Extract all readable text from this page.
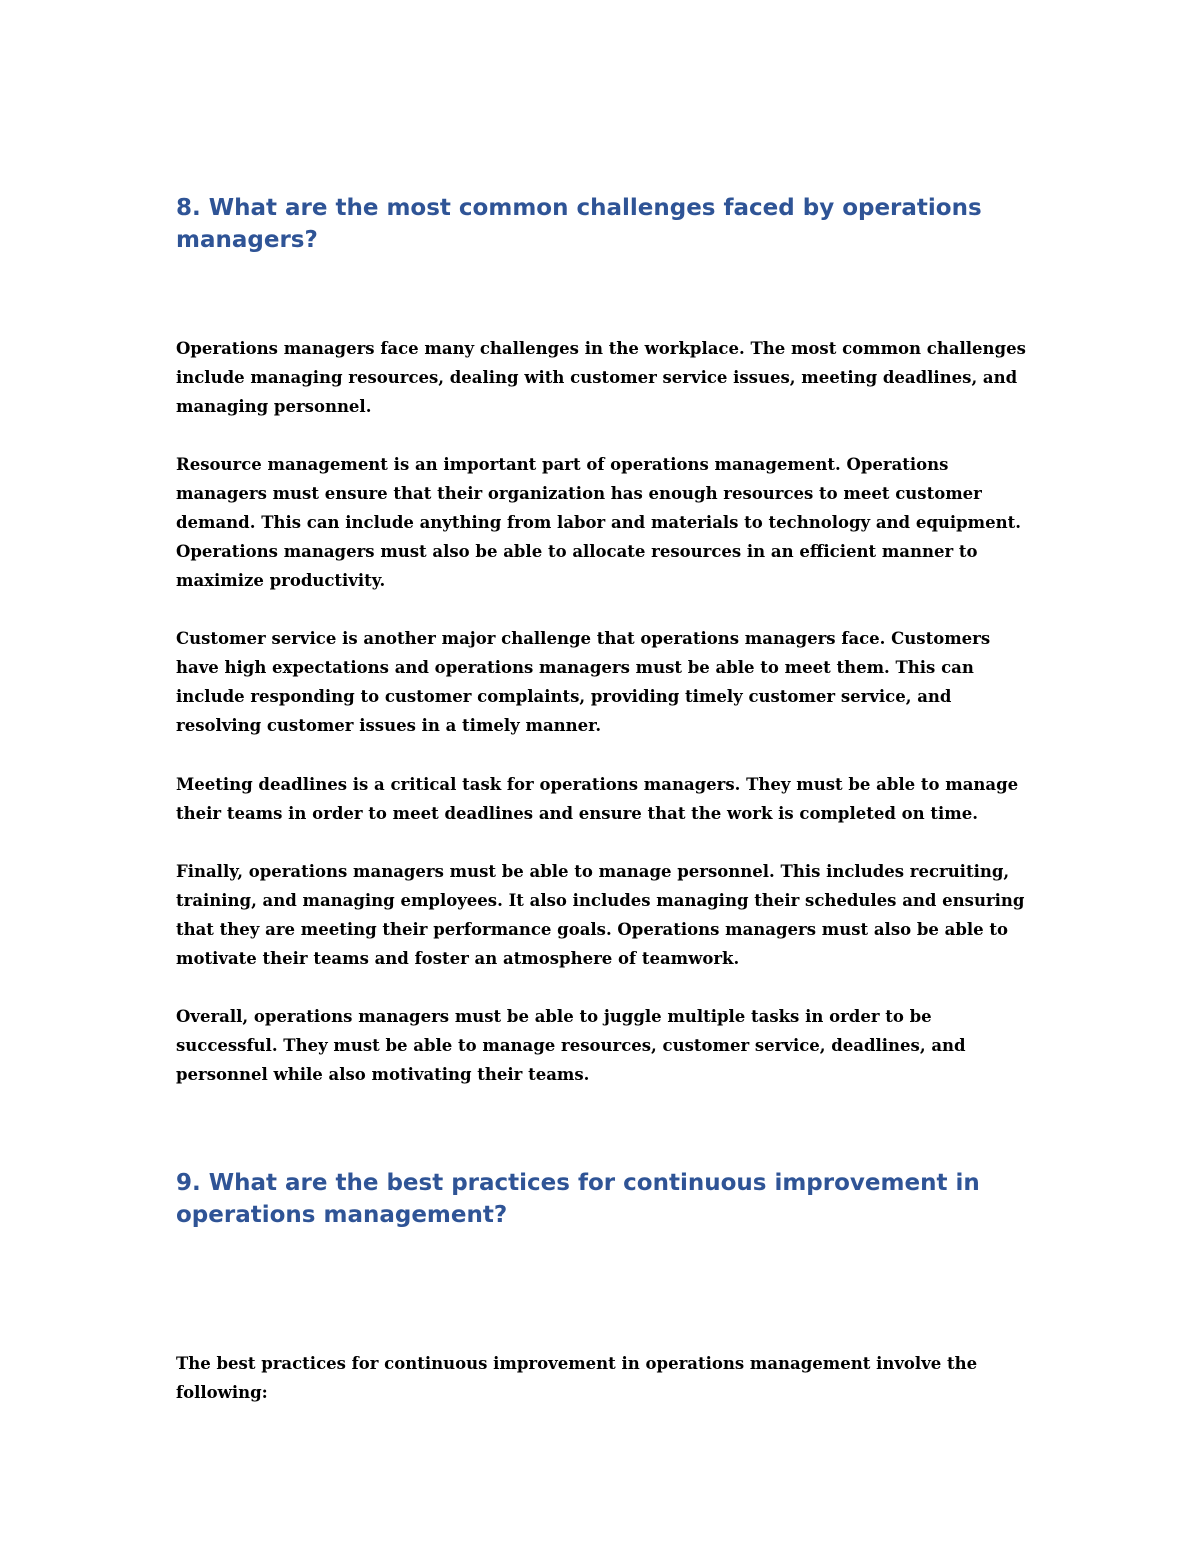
8. What are the most common challenges faced by operations managers?

Operations managers face many challenges in the workplace. The most common challenges include managing resources, dealing with customer service issues, meeting deadlines, and managing personnel.

Resource management is an important part of operations management. Operations managers must ensure that their organization has enough resources to meet customer demand. This can include anything from labor and materials to technology and equipment. Operations managers must also be able to allocate resources in an efficient manner to maximize productivity.

Customer service is another major challenge that operations managers face. Customers have high expectations and operations managers must be able to meet them. This can include responding to customer complaints, providing timely customer service, and resolving customer issues in a timely manner.

Meeting deadlines is a critical task for operations managers. They must be able to manage their teams in order to meet deadlines and ensure that the work is completed on time.

Finally, operations managers must be able to manage personnel. This includes recruiting, training, and managing employees. It also includes managing their schedules and ensuring that they are meeting their performance goals. Operations managers must also be able to motivate their teams and foster an atmosphere of teamwork.

Overall, operations managers must be able to juggle multiple tasks in order to be successful. They must be able to manage resources, customer service, deadlines, and personnel while also motivating their teams.

9. What are the best practices for continuous improvement in operations management?

The best practices for continuous improvement in operations management involve the following:
